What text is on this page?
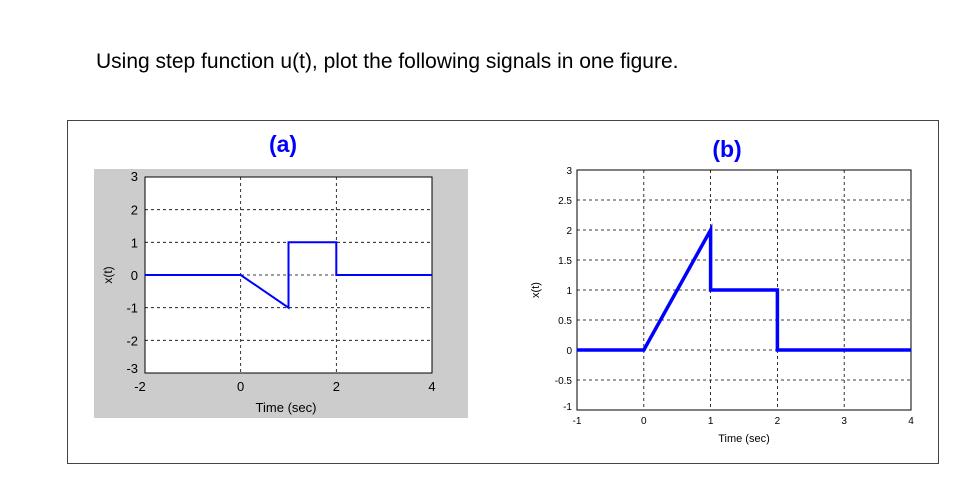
Using step function u(t), plot the following signals in one figure.
-2	0	2	4
3
2
1
0
-1
-2
-3
(a)
Time (sec)
x(t)
-1	0	1	2	3	4
3
2.5
2
1.5
1
0.5
0
-0.5
-1
(b)
Time (sec)
x(t)
